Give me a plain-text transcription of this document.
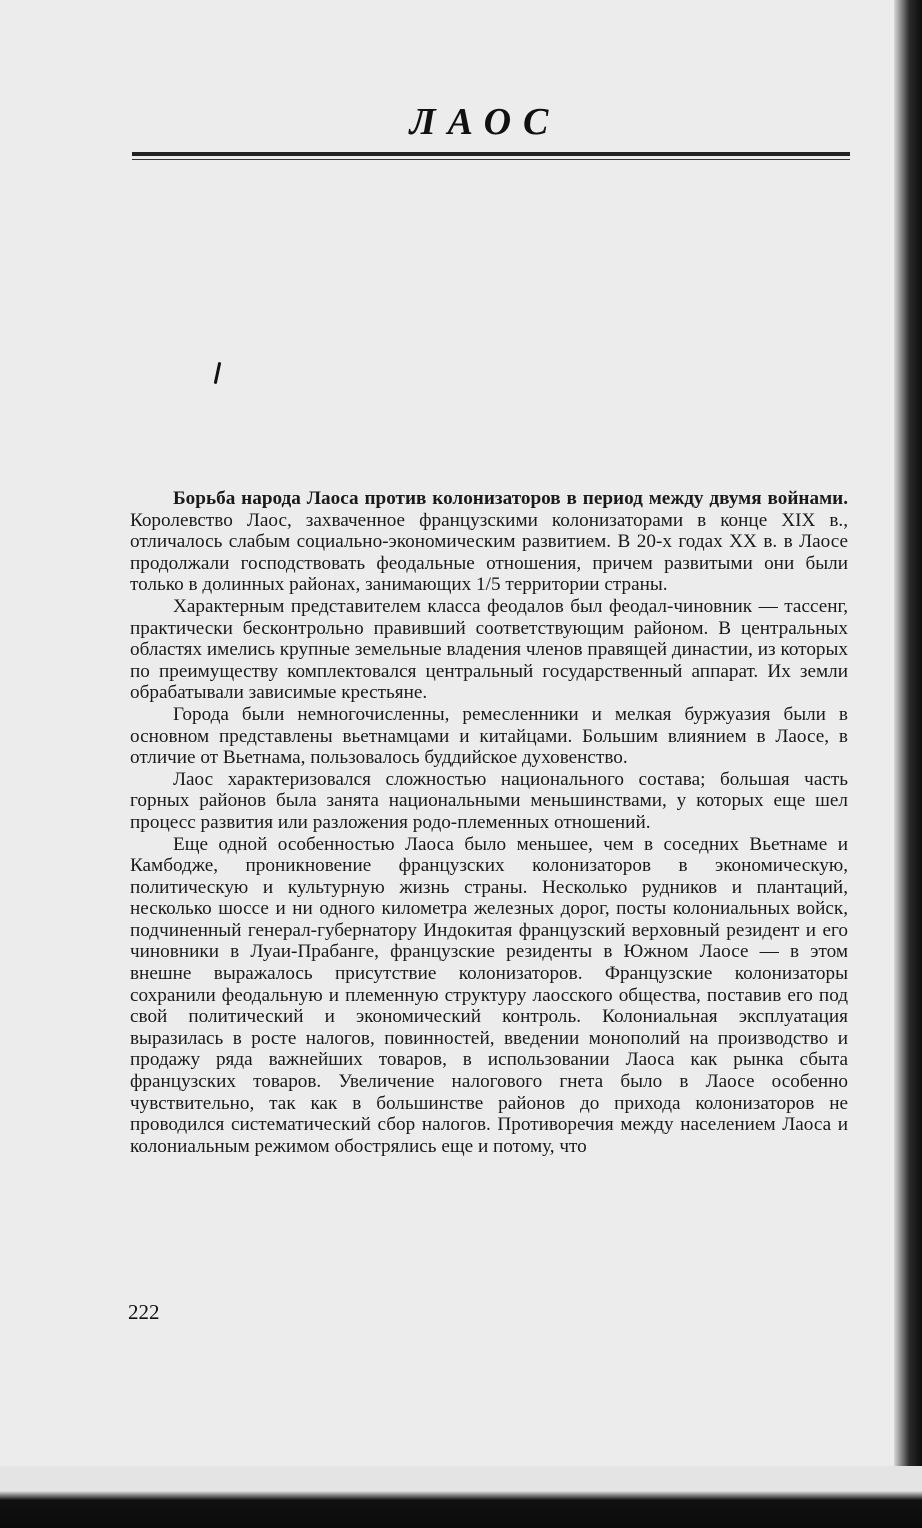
ЛАОС

Борьба народа Лаоса против колонизаторов в период между двумя войнами. Королевство Лаос, захваченное французскими колонизаторами в конце XIX в., отличалось слабым социально-экономическим развитием. В 20-х годах XX в. в Лаосе продолжали господствовать феодальные отношения, причем развитыми они были только в долинных районах, занимающих 1/5 территории страны.

Характерным представителем класса феодалов был феодал-чиновник — тассенг, практически бесконтрольно правивший соответствующим районом. В центральных областях имелись крупные земельные владения членов правящей династии, из которых по преимуществу комплектовался центральный государственный аппарат. Их земли обрабатывали зависимые крестьяне.

Города были немногочисленны, ремесленники и мелкая буржуазия были в основном представлены вьетнамцами и китайцами. Большим влиянием в Лаосе, в отличие от Вьетнама, пользовалось буддийское духовенство.

Лаос характеризовался сложностью национального состава; большая часть горных районов была занята национальными меньшинствами, у которых еще шел процесс развития или разложения родо-племенных отношений.

Еще одной особенностью Лаоса было меньшее, чем в соседних Вьетнаме и Камбодже, проникновение французских колонизаторов в экономическую, политическую и культурную жизнь страны. Несколько рудников и плантаций, несколько шоссе и ни одного километра железных дорог, посты колониальных войск, подчиненный генерал-губернатору Индокитая французский верховный резидент и его чиновники в Луаи-Прабанге, французские резиденты в Южном Лаосе — в этом внешне выражалось присутствие колонизаторов. Французские колонизаторы сохранили феодальную и племенную структуру лаосского общества, поставив его под свой политический и экономический контроль. Колониальная эксплуатация выразилась в росте налогов, повинностей, введении монополий на производство и продажу ряда важнейших товаров, в использовании Лаоса как рынка сбыта французских товаров. Увеличение налогового гнета было в Лаосе особенно чувствительно, так как в большинстве районов до прихода колонизаторов не проводился систематический сбор налогов. Противоречия между населением Лаоса и колониальным режимом обострялись еще и потому, что

222
